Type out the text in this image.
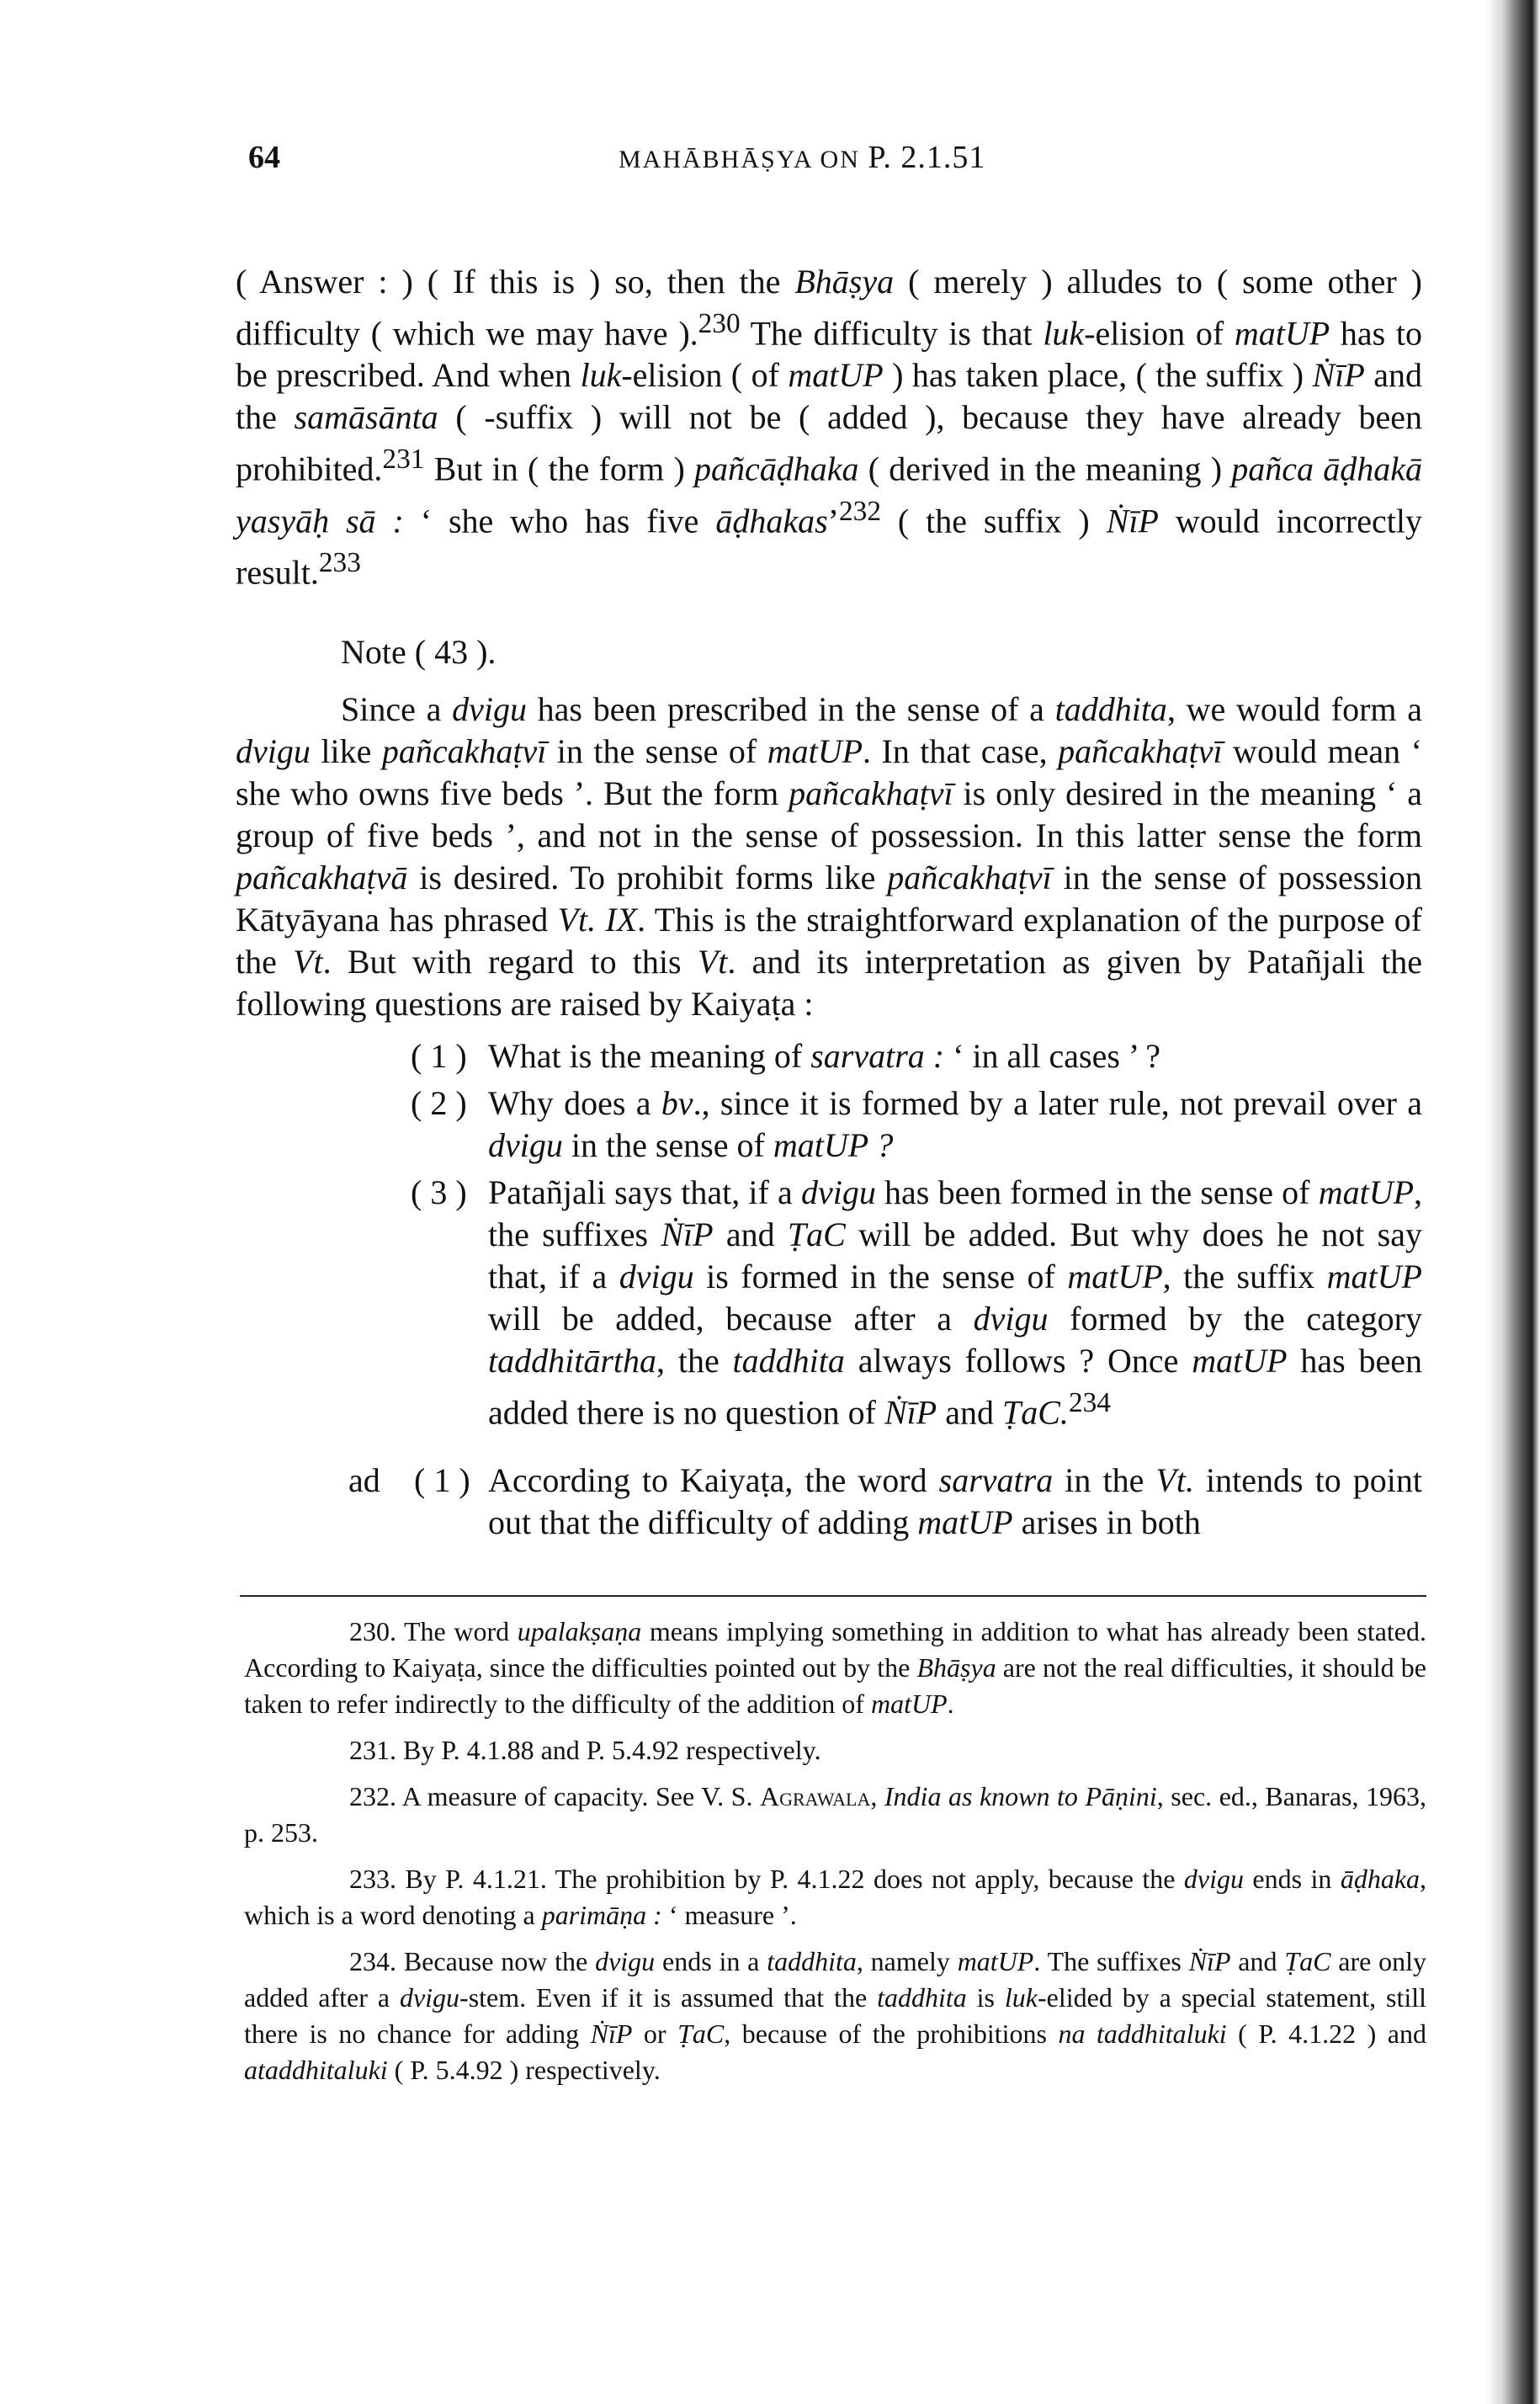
64	MAHĀBHĀṢYA ON P. 2.1.51

( Answer : ) ( If this is ) so, then the Bhāṣya ( merely ) alludes to ( some other ) difficulty ( which we may have ).$^{230}$ The difficulty is that luk-elision of matUP has to be prescribed. And when luk-elision ( of matUP ) has taken place, ( the suffix ) ṄīP and the samāsānta ( -suffix ) will not be ( added ), because they have already been prohibited.$^{231}$ But in ( the form ) pañcāḍhaka ( derived in the meaning ) pañca āḍhakā yasyāḥ sā : ‘ she who has five āḍhakas’$^{232}$ ( the suffix ) ṄīP would incorrectly result.$^{233}$

Note ( 43 ).

Since a dvigu has been prescribed in the sense of a taddhita, we would form a dvigu like pañcakhaṭvī in the sense of matUP. In that case, pañcakhaṭvī would mean ‘ she who owns five beds ’. But the form pañcakhaṭvī is only desired in the meaning ‘ a group of five beds ’, and not in the sense of possession. In this latter sense the form pañcakhaṭvā is desired. To prohibit forms like pañcakhaṭvī in the sense of possession Kātyāyana has phrased Vt. IX. This is the straightforward explanation of the purpose of the Vt. But with regard to this Vt. and its interpretation as given by Patañjali the following questions are raised by Kaiyaṭa :

( 1 ) What is the meaning of sarvatra : ‘ in all cases ’ ?
( 2 ) Why does a bv., since it is formed by a later rule, not prevail over a dvigu in the sense of matUP ?
( 3 ) Patañjali says that, if a dvigu has been formed in the sense of matUP, the suffixes ṄīP and ṬaC will be added. But why does he not say that, if a dvigu is formed in the sense of matUP, the suffix matUP will be added, because after a dvigu formed by the category taddhitārtha, the taddhita always follows ? Once matUP has been added there is no question of ṄīP and ṬaC.$^{234}$

ad ( 1 ) According to Kaiyaṭa, the word sarvatra in the Vt. intends to point out that the difficulty of adding matUP arises in both

230. The word upalakṣaṇa means implying something in addition to what has already been stated. According to Kaiyaṭa, since the difficulties pointed out by the Bhāṣya are not the real difficulties, it should be taken to refer indirectly to the difficulty of the addition of matUP.

231. By P. 4.1.88 and P. 5.4.92 respectively.

232. A measure of capacity. See V. S. Agrawala, India as known to Pāṇini, sec. ed., Banaras, 1963, p. 253.

233. By P. 4.1.21. The prohibition by P. 4.1.22 does not apply, because the dvigu ends in āḍhaka, which is a word denoting a parimāṇa : ‘ measure ’.

234. Because now the dvigu ends in a taddhita, namely matUP. The suffixes ṄīP and ṬaC are only added after a dvigu-stem. Even if it is assumed that the taddhita is luk-elided by a special statement, still there is no chance for adding ṄīP or ṬaC, because of the prohibitions na taddhitaluki ( P. 4.1.22 ) and ataddhitaluki ( P. 5.4.92 ) respectively.
